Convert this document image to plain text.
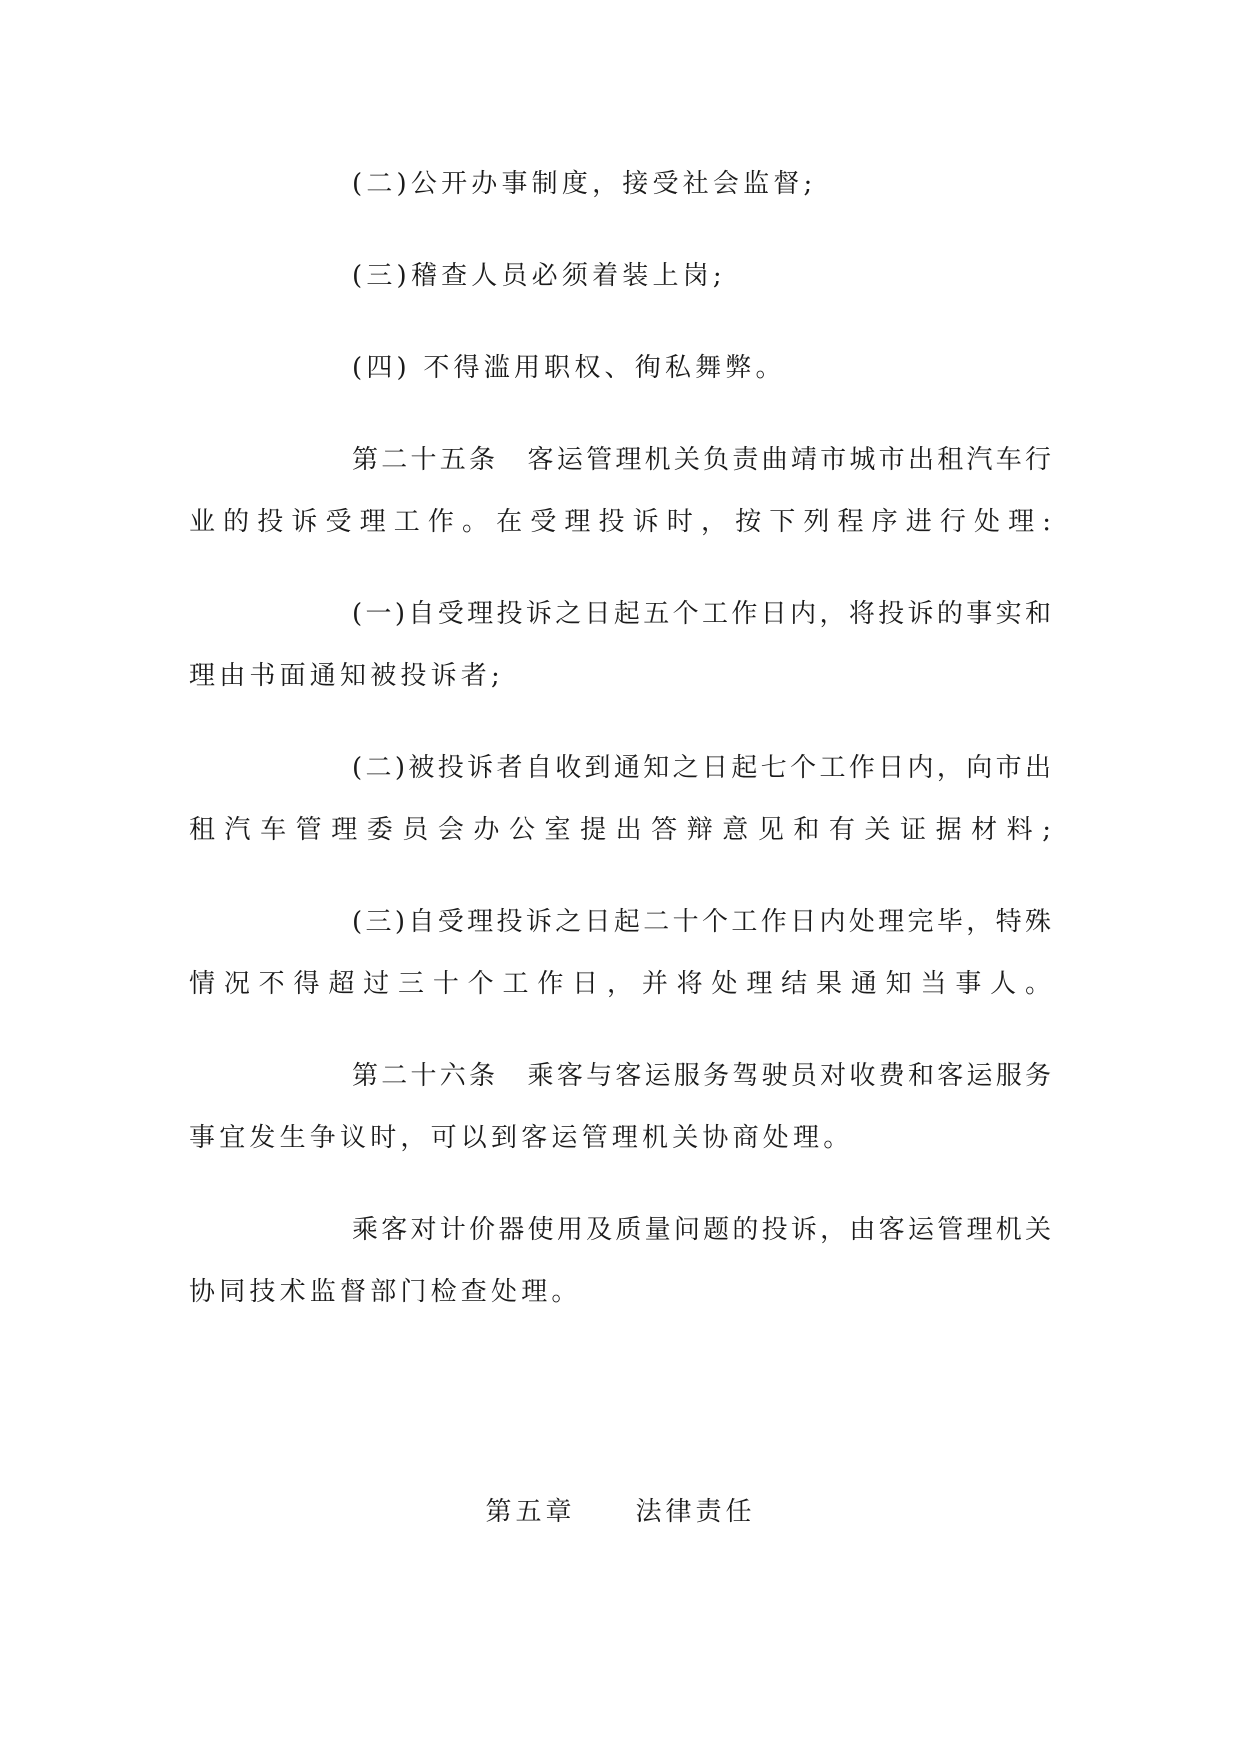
(二)公开办事制度，接受社会监督;
(三)稽查人员必须着装上岗;
(四) 不得滥用职权、徇私舞弊。
第二十五条　客运管理机关负责曲靖市城市出租汽车行
业的投诉受理工作。在受理投诉时，按下列程序进行处理:
(一)自受理投诉之日起五个工作日内，将投诉的事实和
理由书面通知被投诉者;
(二)被投诉者自收到通知之日起七个工作日内，向市出
租汽车管理委员会办公室提出答辩意见和有关证据材料;
(三)自受理投诉之日起二十个工作日内处理完毕，特殊
情况不得超过三十个工作日，并将处理结果通知当事人。
第二十六条　乘客与客运服务驾驶员对收费和客运服务
事宜发生争议时，可以到客运管理机关协商处理。
乘客对计价器使用及质量问题的投诉，由客运管理机关
协同技术监督部门检查处理。
第五章　　法律责任
